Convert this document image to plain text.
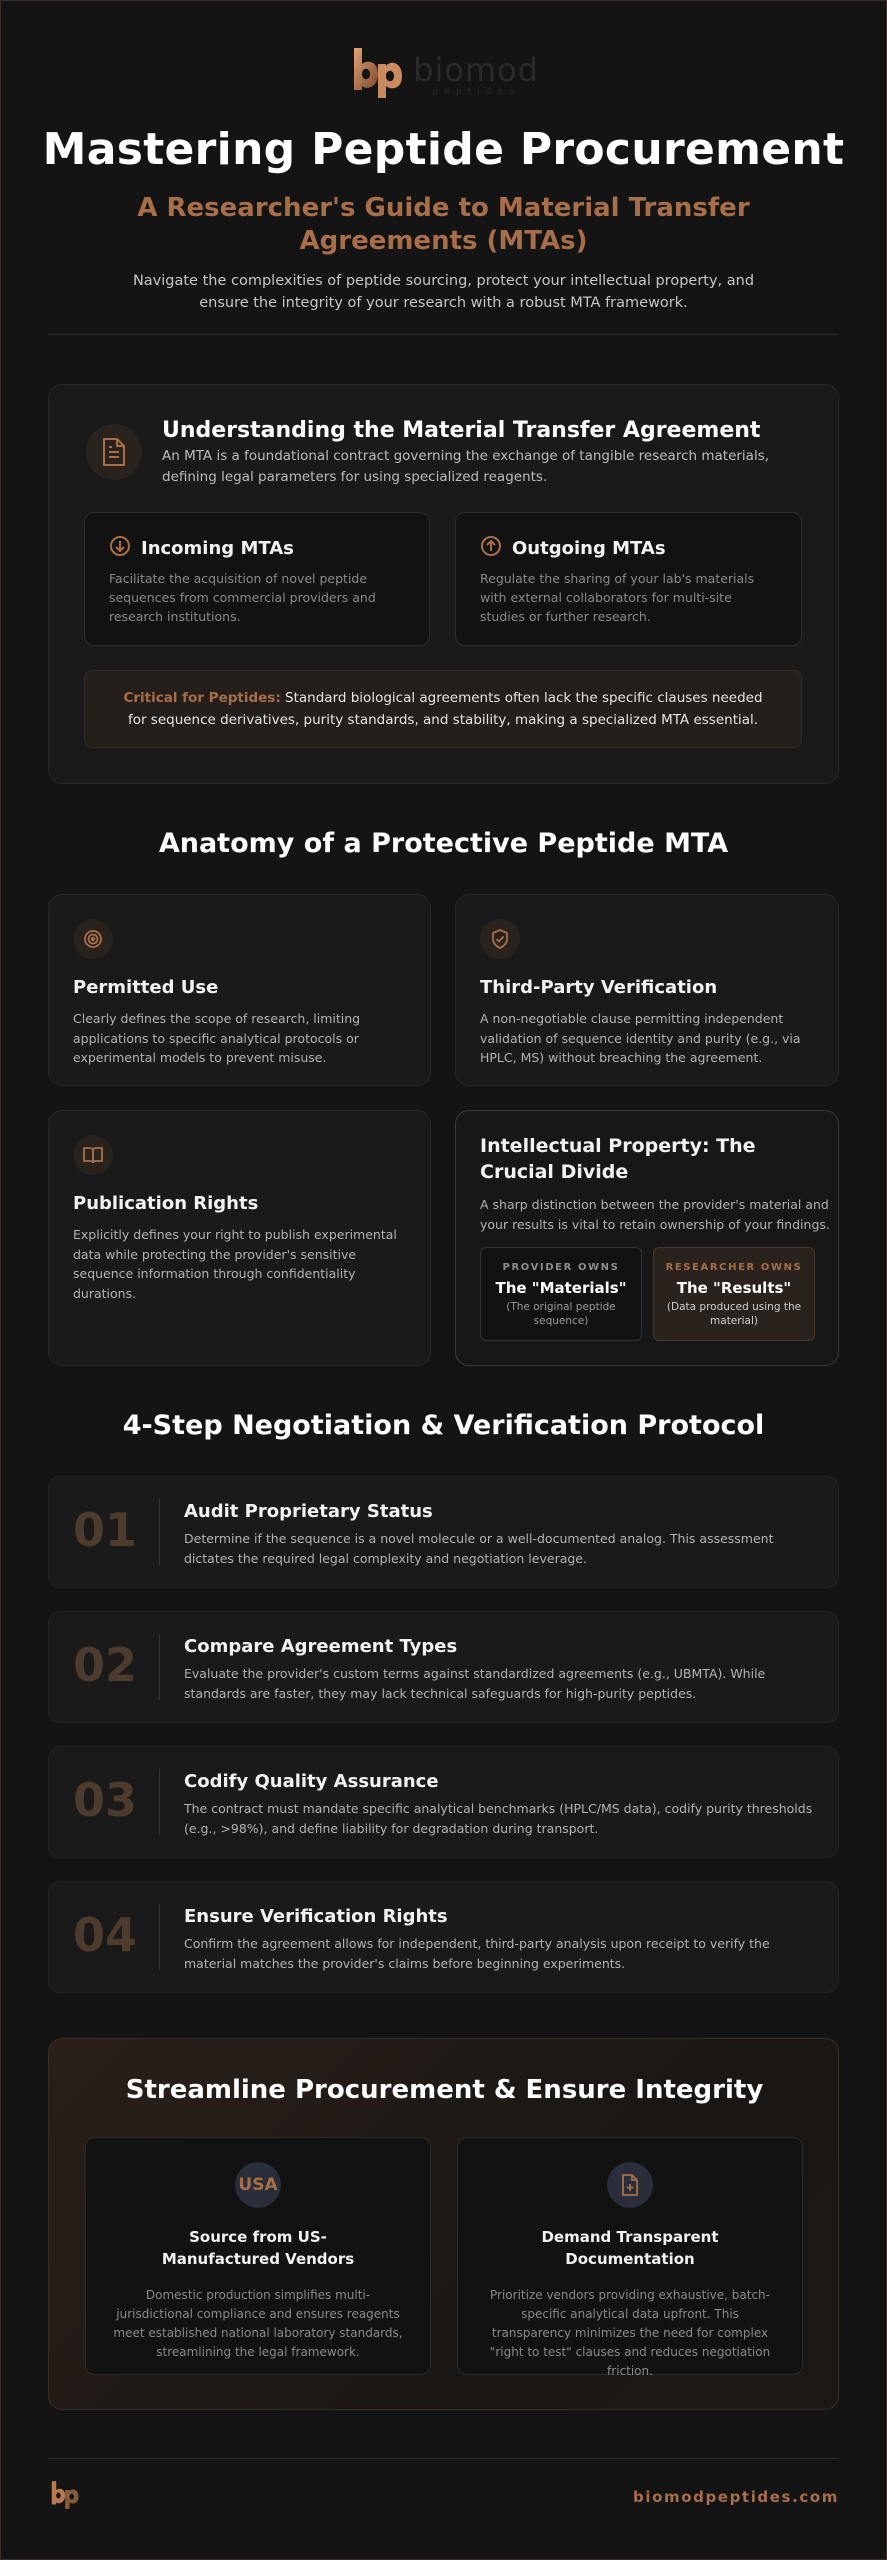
biomod
peptides
Mastering Peptide Procurement
A Researcher's Guide to Material Transfer Agreements (MTAs)
Navigate the complexities of peptide sourcing, protect your intellectual property, and ensure the integrity of your research with a robust MTA framework.
Understanding the Material Transfer Agreement
An MTA is a foundational contract governing the exchange of tangible research materials, defining legal parameters for using specialized reagents.
Incoming MTAs
Facilitate the acquisition of novel peptide sequences from commercial providers and research institutions.
Outgoing MTAs
Regulate the sharing of your lab's materials with external collaborators for multi-site studies or further research.
Critical for Peptides: Standard biological agreements often lack the specific clauses needed for sequence derivatives, purity standards, and stability, making a specialized MTA essential.
Anatomy of a Protective Peptide MTA
Permitted Use
Clearly defines the scope of research, limiting applications to specific analytical protocols or experimental models to prevent misuse.
Third-Party Verification
A non-negotiable clause permitting independent validation of sequence identity and purity (e.g., via HPLC, MS) without breaching the agreement.
Publication Rights
Explicitly defines your right to publish experimental data while protecting the provider's sensitive sequence information through confidentiality durations.
Intellectual Property: The Crucial Divide
A sharp distinction between the provider's material and your results is vital to retain ownership of your findings.
PROVIDER OWNS
The "Materials"
(The original peptide sequence)
RESEARCHER OWNS
The "Results"
(Data produced using the material)
4-Step Negotiation & Verification Protocol
01	Audit Proprietary Status
Determine if the sequence is a novel molecule or a well-documented analog. This assessment dictates the required legal complexity and negotiation leverage.
02	Compare Agreement Types
Evaluate the provider's custom terms against standardized agreements (e.g., UBMTA). While standards are faster, they may lack technical safeguards for high-purity peptides.
03	Codify Quality Assurance
The contract must mandate specific analytical benchmarks (HPLC/MS data), codify purity thresholds (e.g., >98%), and define liability for degradation during transport.
04	Ensure Verification Rights
Confirm the agreement allows for independent, third-party analysis upon receipt to verify the material matches the provider's claims before beginning experiments.
Streamline Procurement & Ensure Integrity
USA
Source from US-Manufactured Vendors
Domestic production simplifies multi-jurisdictional compliance and ensures reagents meet established national laboratory standards, streamlining the legal framework.
Demand Transparent Documentation
Prioritize vendors providing exhaustive, batch-specific analytical data upfront. This transparency minimizes the need for complex "right to test" clauses and reduces negotiation friction.
biomodpeptides.com
